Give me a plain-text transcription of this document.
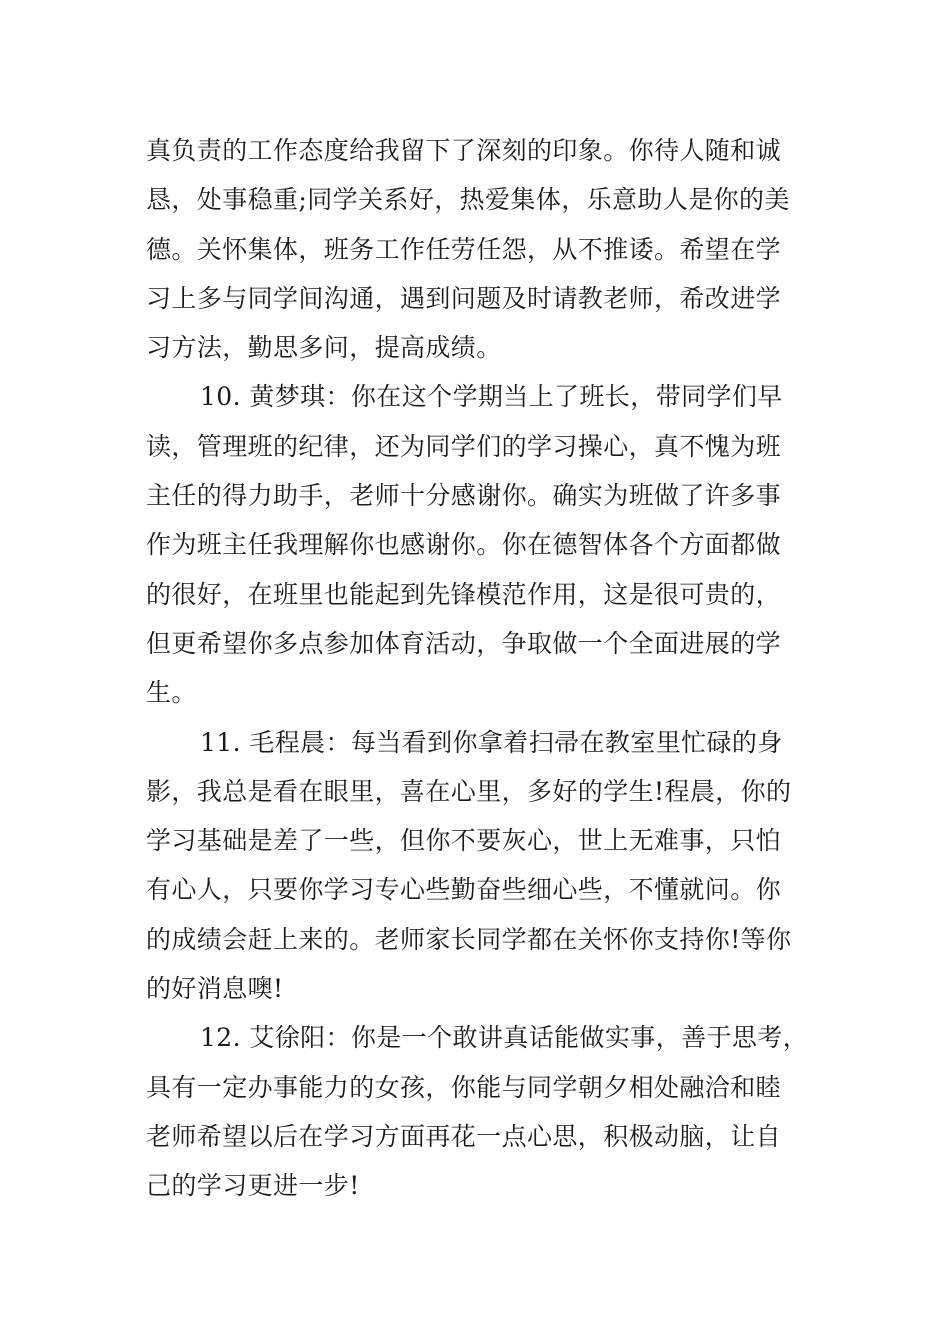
真负责的工作态度给我留下了深刻的印象。你待人随和诚
恳，处事稳重;同学关系好，热爱集体，乐意助人是你的美
德。关怀集体，班务工作任劳任怨，从不推诿。希望在学
习上多与同学间沟通，遇到问题及时请教老师，希改进学
习方法，勤思多问，提高成绩。
10. 黄梦琪：你在这个学期当上了班长，带同学们早
读，管理班的纪律，还为同学们的学习操心，真不愧为班
主任的得力助手，老师十分感谢你。确实为班做了许多事
作为班主任我理解你也感谢你。你在德智体各个方面都做
的很好，在班里也能起到先锋模范作用，这是很可贵的，
但更希望你多点参加体育活动，争取做一个全面进展的学
生。
11. 毛程晨：每当看到你拿着扫帚在教室里忙碌的身
影，我总是看在眼里，喜在心里，多好的学生!程晨，你的
学习基础是差了一些，但你不要灰心，世上无难事，只怕
有心人，只要你学习专心些勤奋些细心些，不懂就问。你
的成绩会赶上来的。老师家长同学都在关怀你支持你!等你
的好消息噢!
12. 艾徐阳：你是一个敢讲真话能做实事，善于思考，
具有一定办事能力的女孩，你能与同学朝夕相处融洽和睦
老师希望以后在学习方面再花一点心思，积极动脑，让自
己的学习更进一步!
